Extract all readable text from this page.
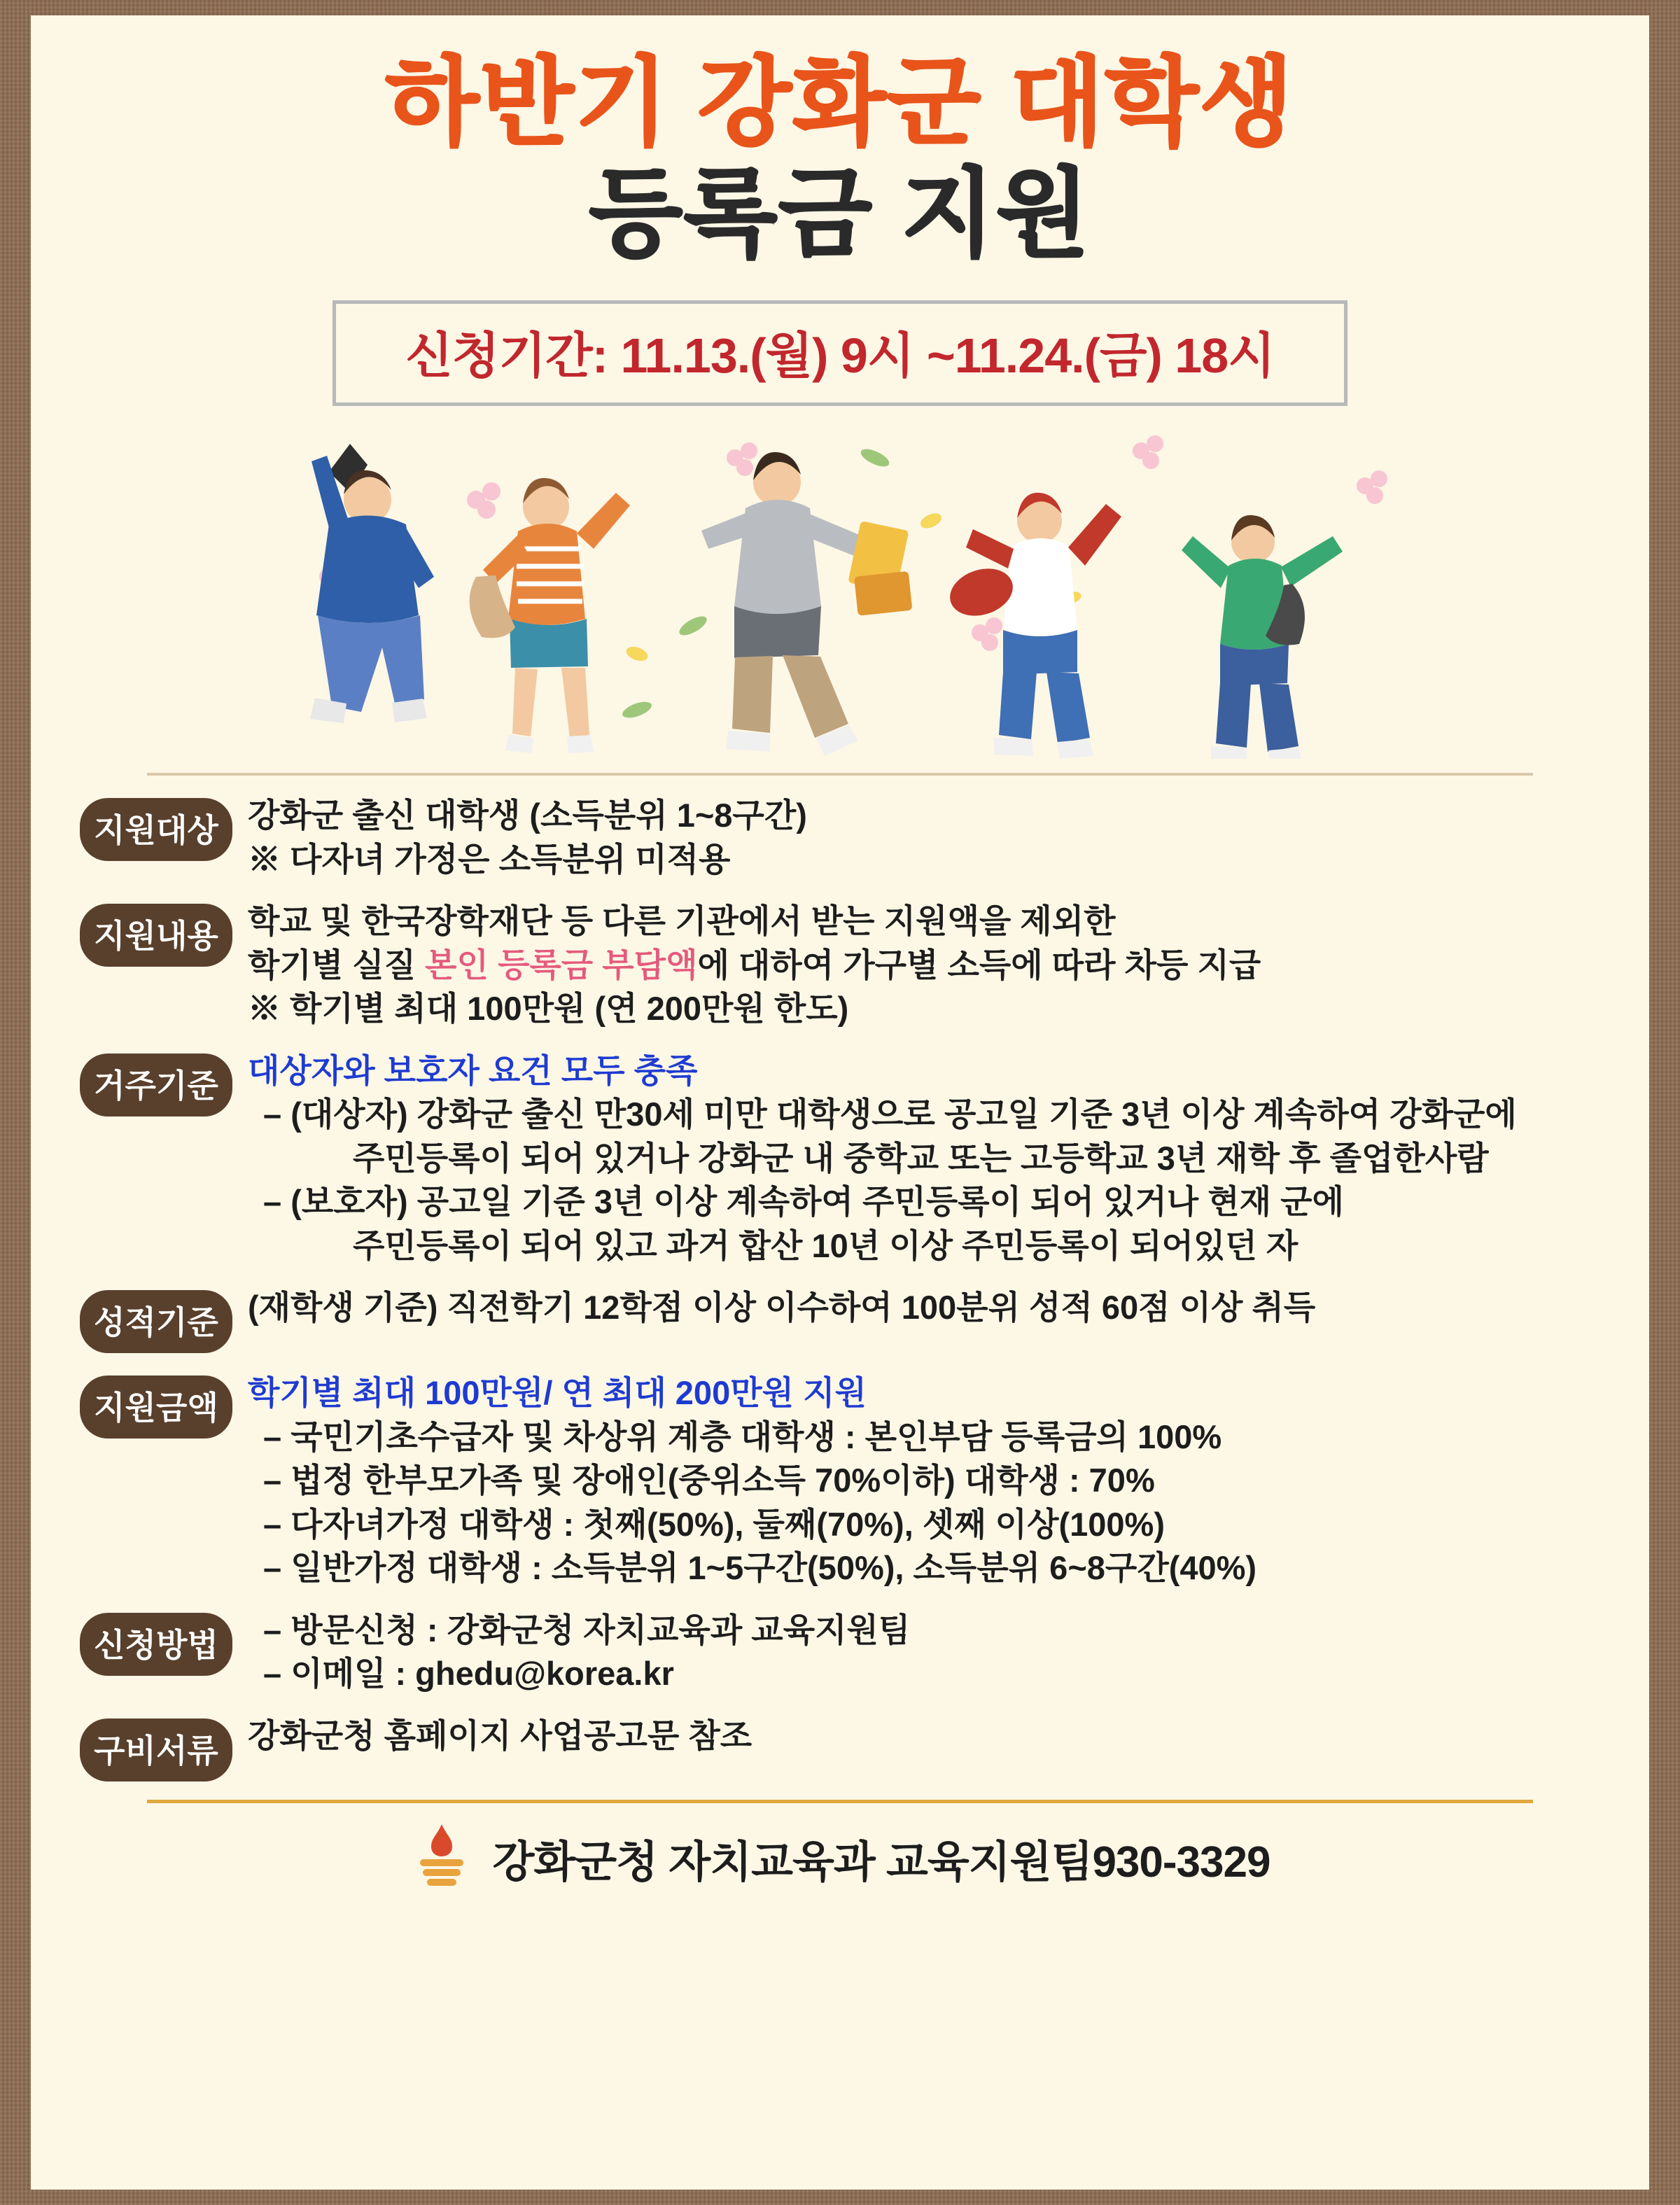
하반기 강화군 대학생
등록금 지원
신청기간: 11.13.(월) 9시 ~11.24.(금) 18시
지원대상 강화군 출신 대학생 (소득분위 1~8구간)
※ 다자녀 가정은 소득분위 미적용
지원내용 학교 및 한국장학재단 등 다른 기관에서 받는 지원액을 제외한
학기별 실질 본인 등록금 부담액에 대하여 가구별 소득에 따라 차등 지급
※ 학기별 최대 100만원 (연 200만원 한도)
거주기준 대상자와 보호자 요건 모두 충족
– (대상자) 강화군 출신 만30세 미만 대학생으로 공고일 기준 3년 이상 계속하여 강화군에
주민등록이 되어 있거나 강화군 내 중학교 또는 고등학교 3년 재학 후 졸업한사람
– (보호자) 공고일 기준 3년 이상 계속하여 주민등록이 되어 있거나 현재 군에
주민등록이 되어 있고 과거 합산 10년 이상 주민등록이 되어있던 자
성적기준 (재학생 기준) 직전학기 12학점 이상 이수하여 100분위 성적 60점 이상 취득
지원금액 학기별 최대 100만원/ 연 최대 200만원 지원
– 국민기초수급자 및 차상위 계층 대학생 : 본인부담 등록금의 100%
– 법정 한부모가족 및 장애인(중위소득 70%이하) 대학생 : 70%
– 다자녀가정 대학생 : 첫째(50%), 둘째(70%), 셋째 이상(100%)
– 일반가정 대학생 : 소득분위 1~5구간(50%), 소득분위 6~8구간(40%)
신청방법	– 방문신청 : 강화군청 자치교육과 교육지원팀
– 이메일 : ghedu@korea.kr
구비서류 강화군청 홈페이지 사업공고문 참조
강화군청 자치교육과 교육지원팀930-3329
